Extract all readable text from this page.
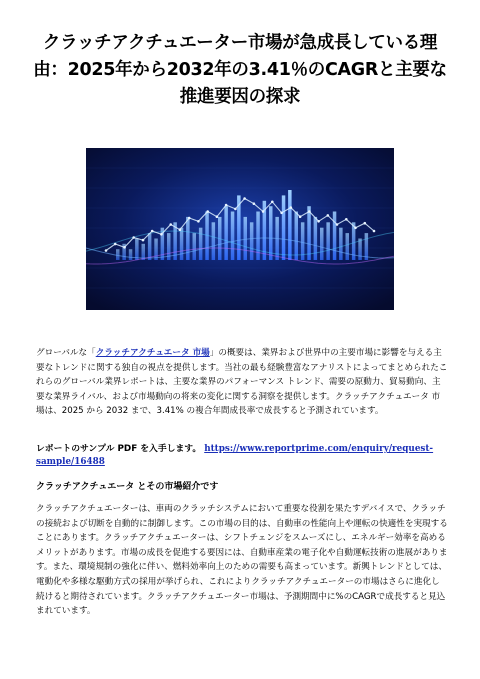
クラッチアクチュエーター市場が急成長している理由：2025年から2032年の3.41％のCAGRと主要な推進要因の探求

グローバルな「クラッチアクチュエータ 市場」の概要は、業界および世界中の主要市場に影響を与える主要なトレンドに関する独自の視点を提供します。当社の最も経験豊富なアナリストによってまとめられたこれらのグローバル業界レポートは、主要な業界のパフォーマンス トレンド、需要の原動力、貿易動向、主要な業界ライバル、および市場動向の将来の変化に関する洞察を提供します。クラッチアクチュエータ 市場は、2025 から 2032 まで、3.41% の複合年間成長率で成長すると予測されています。

レポートのサンプル PDF を入手します。 https://www.reportprime.com/enquiry/request-sample/16488

クラッチアクチュエータ とその市場紹介です

クラッチアクチュエーターは、車両のクラッチシステムにおいて重要な役割を果たすデバイスで、クラッチの接続および切断を自動的に制御します。この市場の目的は、自動車の性能向上や運転の快適性を実現することにあります。クラッチアクチュエーターは、シフトチェンジをスムーズにし、エネルギー効率を高めるメリットがあります。市場の成長を促進する要因には、自動車産業の電子化や自動運転技術の進展があります。また、環境規制の強化に伴い、燃料効率向上のための需要も高まっています。新興トレンドとしては、電動化や多様な駆動方式の採用が挙げられ、これによりクラッチアクチュエーターの市場はさらに進化し続けると期待されています。クラッチアクチュエーター市場は、予測期間中に%のCAGRで成長すると見込まれています。
